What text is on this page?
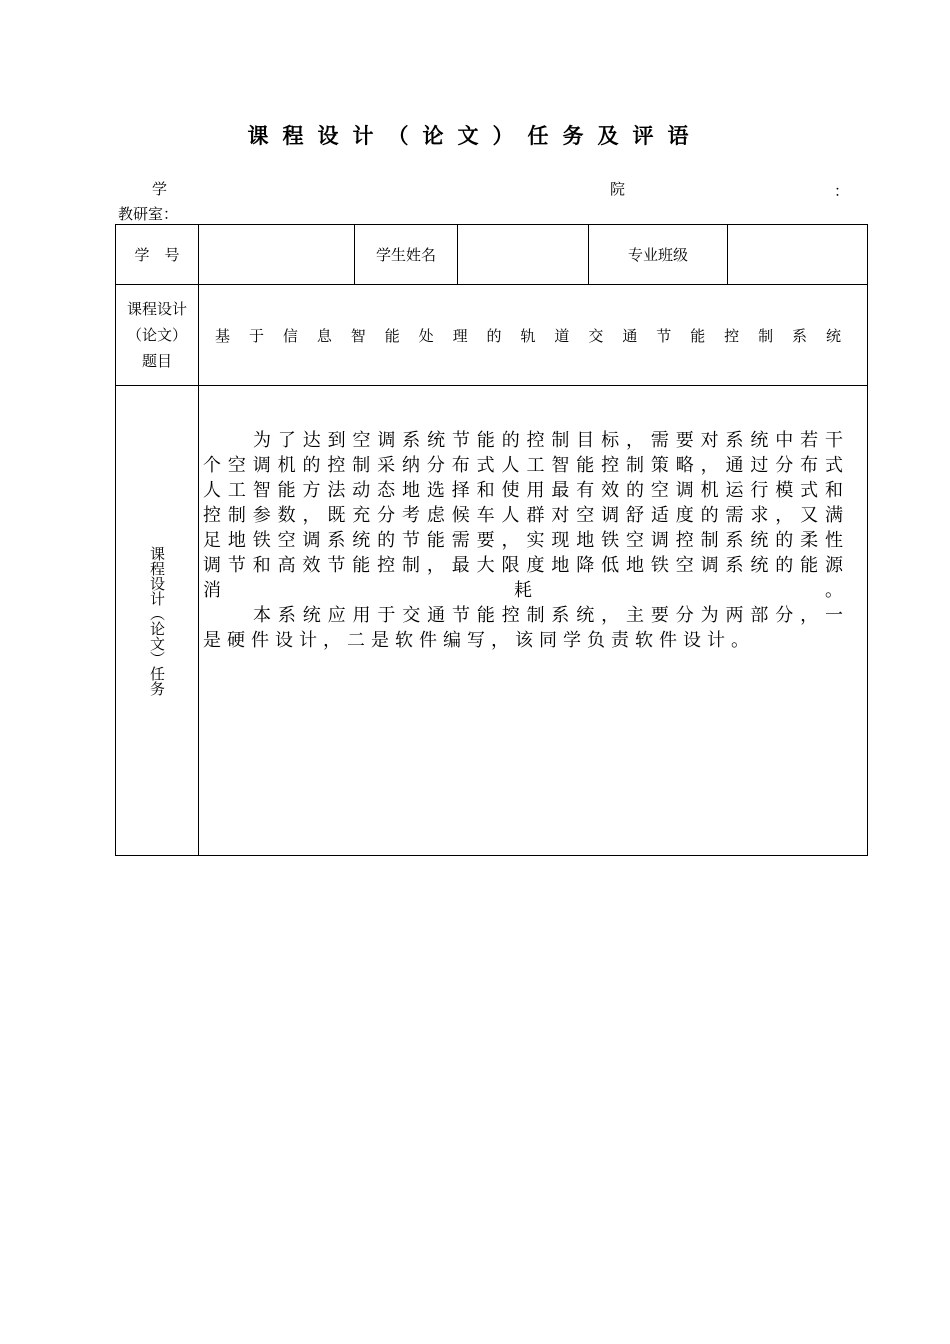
课程设计（论文）任务及评语
学	院	：
教研室：
学　号		学生姓名		专业班级	
课程设计（论文）题目	基于信息智能处理的轨道交通节能控制系统				

课程设计（论文）任务	为了达到空调系统节能的控制目标，需要对系统中若干个空调机的控制采纳分布式人工智能控制策略，通过分布式人工智能方法动态地选择和使用最有效的空调机运行模式和控制参数，既充分考虑候车人群对空调舒适度的需求，又满足地铁空调系统的节能需要，实现地铁空调控制系统的柔性调节和高效节能控制，最大限度地降低地铁空调系统的能源消耗。

本系统应用于交通节能控制系统，主要分为两部分，一是硬件设计，二是软件编写，该同学负责软件设计。				
